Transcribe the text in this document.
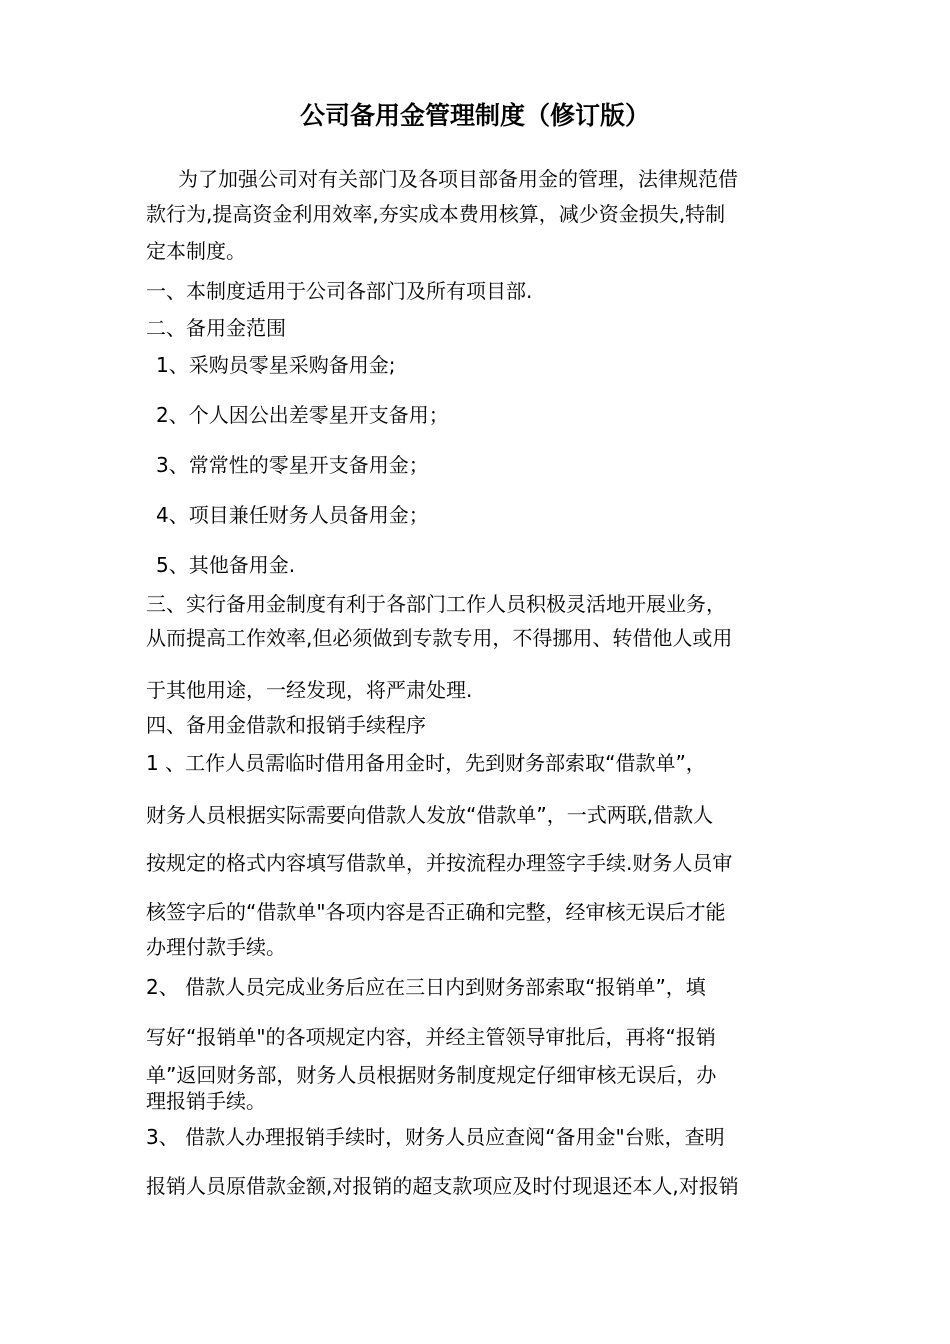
公司备用金管理制度（修订版）
为了加强公司对有关部门及各项目部备用金的管理，法律规范借
款行为,提高资金利用效率,夯实成本费用核算，减少资金损失,特制
定本制度。
一、本制度适用于公司各部门及所有项目部.
二、备用金范围
1、采购员零星采购备用金;
2、个人因公出差零星开支备用；
3、常常性的零星开支备用金；
4、项目兼任财务人员备用金；
5、其他备用金.
三、实行备用金制度有利于各部门工作人员积极灵活地开展业务，
从而提高工作效率,但必须做到专款专用，不得挪用、转借他人或用
于其他用途，一经发现，将严肃处理.
四、备用金借款和报销手续程序
1 、工作人员需临时借用备用金时，先到财务部索取“借款单”，
财务人员根据实际需要向借款人发放“借款单”，一式两联,借款人
按规定的格式内容填写借款单，并按流程办理签字手续.财务人员审
核签字后的“借款单"各项内容是否正确和完整，经审核无误后才能
办理付款手续。
2、 借款人员完成业务后应在三日内到财务部索取“报销单”，填
写好“报销单"的各项规定内容，并经主管领导审批后，再将“报销
单”返回财务部，财务人员根据财务制度规定仔细审核无误后，办
理报销手续。
3、 借款人办理报销手续时，财务人员应查阅“备用金"台账，查明
报销人员原借款金额,对报销的超支款项应及时付现退还本人,对报销
